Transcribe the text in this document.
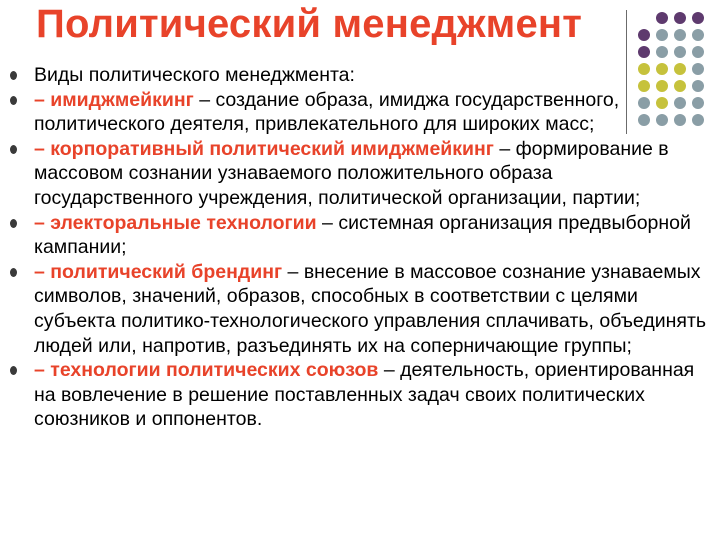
Политический менеджмент
Виды политического менеджмента:
– имиджмейкинг – создание образа, имиджа государственного, политического деятеля, привлекательного для широких масс;
– корпоративный политический имиджмейкинг – формирование в массовом сознании узнаваемого положительного образа государственного учреждения, политической организации, партии;
– электоральные технологии – системная организация предвыборной кампании;
– политический брендинг – внесение в массовое сознание узнаваемых символов, значений, образов, способных в соответствии с целями субъекта политико-технологического управления сплачивать, объединять людей или, напротив, разъединять их на соперничающие группы;
– технологии политических союзов – деятельность, ориентированная на вовлечение в решение поставленных задач своих политических союзников и оппонентов.
